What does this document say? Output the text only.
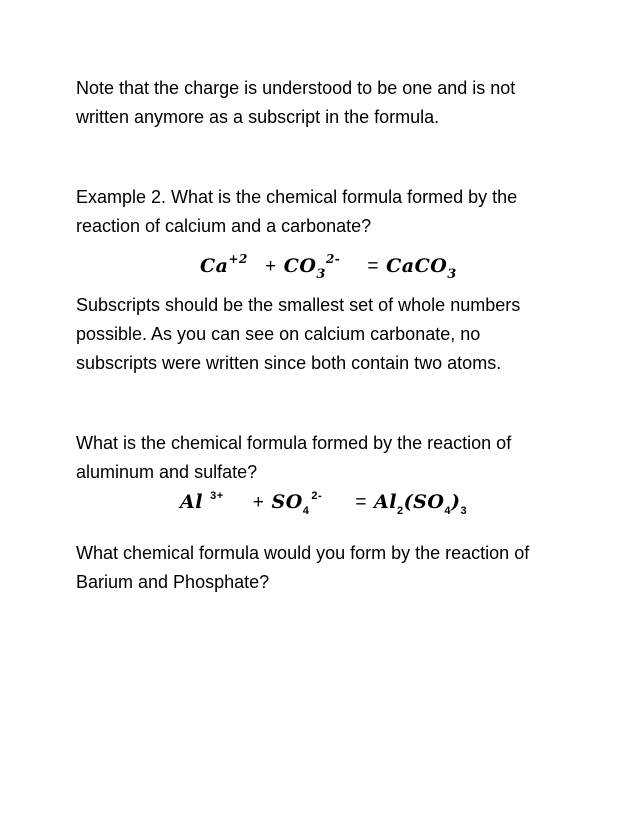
Note that the charge is understood to be one and is not written anymore as a subscript in the formula.

Example 2. What is the chemical formula formed by the reaction of calcium and a carbonate?

$Ca^{+2} + CO_3^{2-}$ = CaCO$_3$

Subscripts should be the smallest set of whole numbers possible. As you can see on calcium carbonate, no subscripts were written since both contain two atoms.

What is the chemical formula formed by the reaction of aluminum and sulfate?

Al $^{3+} + SO_4^{2-} = Al_2(SO_4)_3$

What chemical formula would you form by the reaction of Barium and Phosphate?
